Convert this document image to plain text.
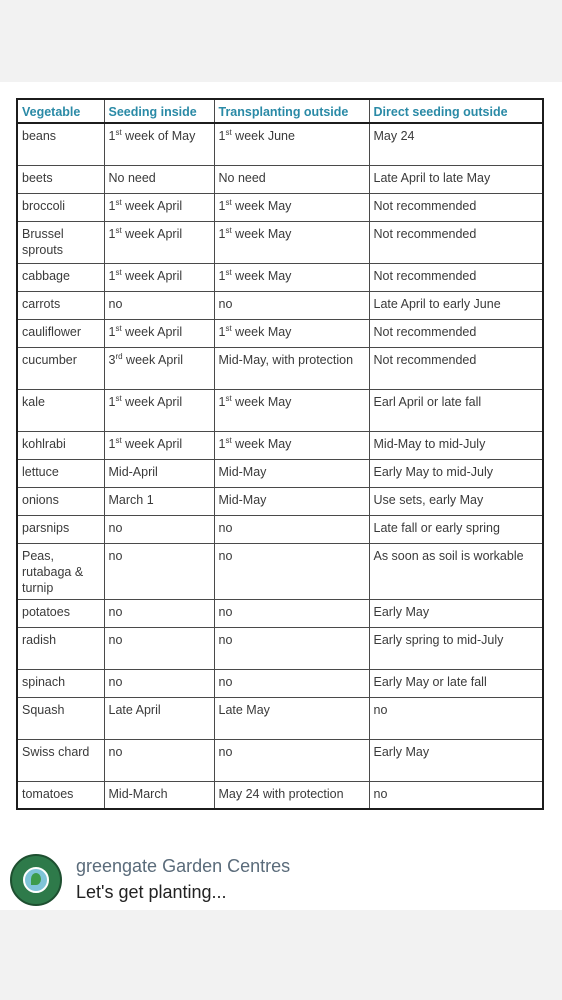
Vegetable	Seeding inside	Transplanting outside	Direct seeding outside
beans	1st week of May	1st week June	May 24
beets	No need	No need	Late April to late May
broccoli	1st week April	1st week May	Not recommended
Brussel sprouts	1st week April	1st week May	Not recommended
cabbage	1st week April	1st week May	Not recommended
carrots	no	no	Late April to early June
cauliflower	1st week April	1st week May	Not recommended
cucumber	3rd week April	Mid-May, with protection	Not recommended
kale	1st week April	1st week May	Earl April or late fall
kohlrabi	1st week April	1st week May	Mid-May to mid-July
lettuce	Mid-April	Mid-May	Early May to mid-July
onions	March 1	Mid-May	Use sets, early May
parsnips	no	no	Late fall or early spring
Peas, rutabaga & turnip	no	no	As soon as soil is workable
potatoes	no	no	Early May
radish	no	no	Early spring to mid-July
spinach	no	no	Early May or late fall
Squash	Late April	Late May	no
Swiss chard	no	no	Early May
tomatoes	Mid-March	May 24 with protection	no
greengate Garden Centres
Let's get planting...
